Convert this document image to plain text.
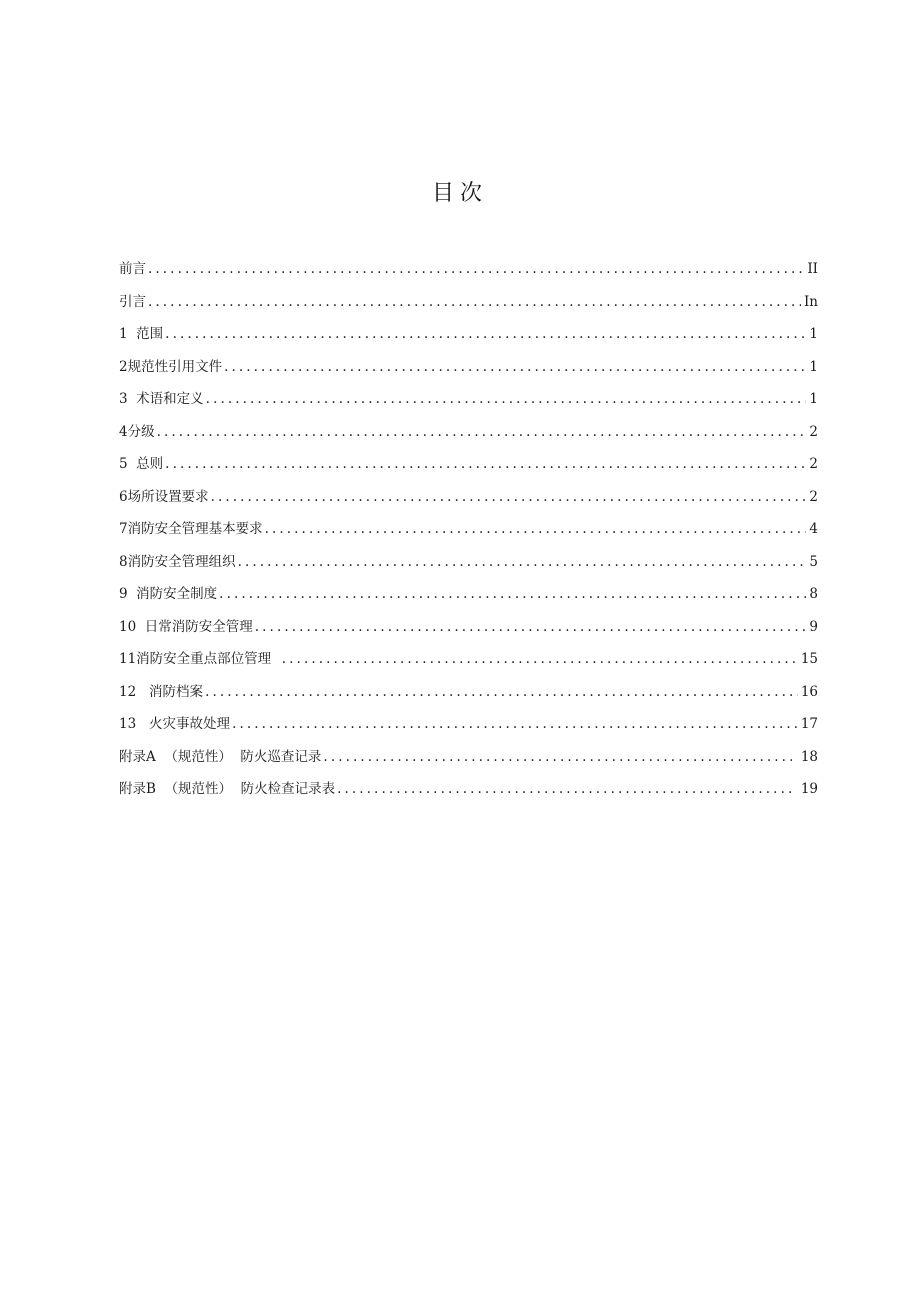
目次
前言 .....	II
引言 .....	In
1  范围 .....	1
2规范性引用文件 .....	1
3  术语和定义 .....	1
4分级 .....	2
5  总则 .....	2
6场所设置要求 .....	2
7消防安全管理基本要求 .....	4
8消防安全管理组织 .....	5
9  消防安全制度 .....	8
10  日常消防安全管理 .....	9
11消防安全重点部位管理 .....	15
12   消防档案 .....	16
13   火灾事故处理 .....	17
附录A  （规范性）  防火巡查记录 .....	18
附录B  （规范性）  防火检查记录表 .....	19
